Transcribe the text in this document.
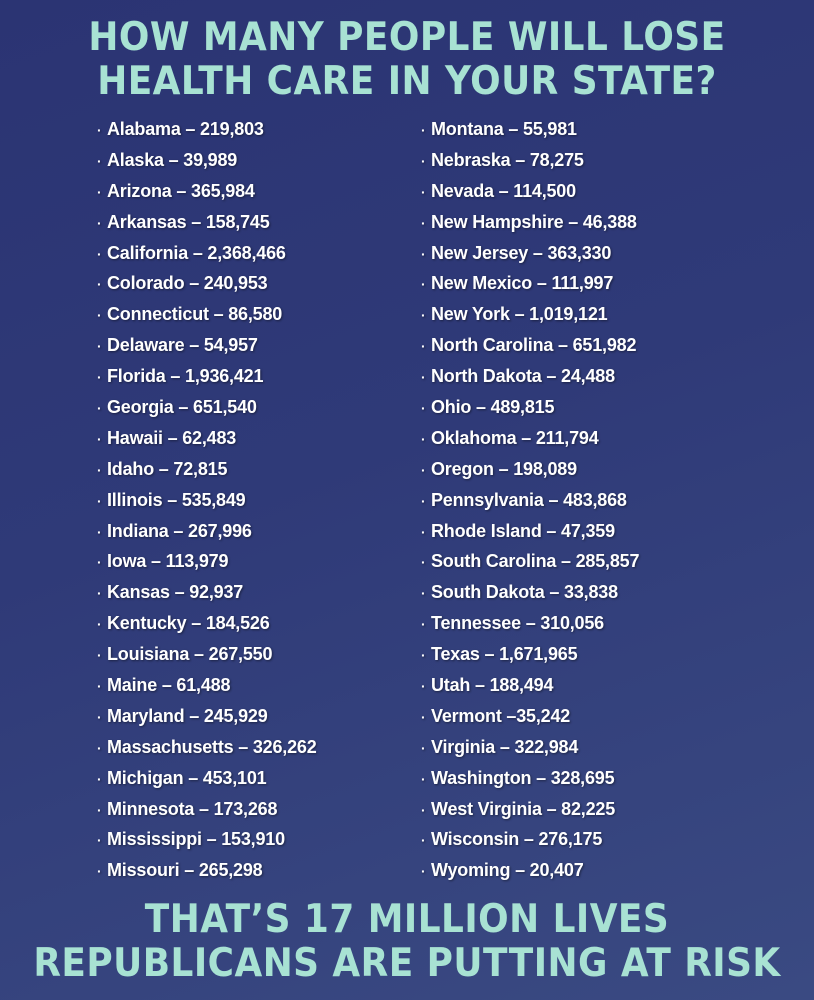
HOW MANY PEOPLE WILL LOSE
HEALTH CARE IN YOUR STATE?
· Alabama – 219,803
· Alaska – 39,989
· Arizona – 365,984
· Arkansas – 158,745
· California – 2,368,466
· Colorado – 240,953
· Connecticut – 86,580
· Delaware – 54,957
· Florida – 1,936,421
· Georgia – 651,540
· Hawaii – 62,483
· Idaho – 72,815
· Illinois – 535,849
· Indiana – 267,996
· Iowa – 113,979
· Kansas – 92,937
· Kentucky – 184,526
· Louisiana – 267,550
· Maine – 61,488
· Maryland – 245,929
· Massachusetts – 326,262
· Michigan – 453,101
· Minnesota – 173,268
· Mississippi – 153,910
· Missouri – 265,298
· Montana – 55,981
· Nebraska – 78,275
· Nevada – 114,500
· New Hampshire – 46,388
· New Jersey – 363,330
· New Mexico – 111,997
· New York – 1,019,121
· North Carolina – 651,982
· North Dakota – 24,488
· Ohio – 489,815
· Oklahoma – 211,794
· Oregon – 198,089
· Pennsylvania – 483,868
· Rhode Island – 47,359
· South Carolina – 285,857
· South Dakota – 33,838
· Tennessee – 310,056
· Texas – 1,671,965
· Utah – 188,494
· Vermont –35,242
· Virginia – 322,984
· Washington – 328,695
· West Virginia – 82,225
· Wisconsin – 276,175
· Wyoming – 20,407
THAT’S 17 MILLION LIVES
REPUBLICANS ARE PUTTING AT RISK
